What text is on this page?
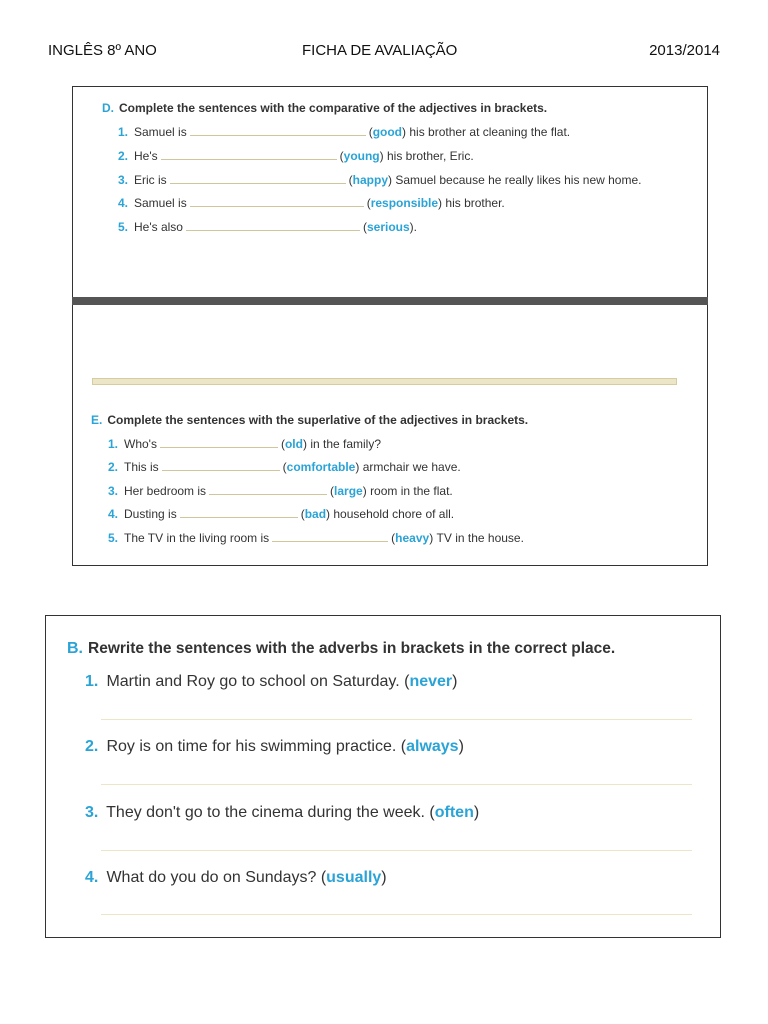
INGLÊS 8º ANO	FICHA DE AVALIAÇÃO	2013/2014
D. Complete the sentences with the comparative of the adjectives in brackets.
1. Samuel is	( good ) his brother at cleaning the flat.
2. He's	( young ) his brother, Eric.
3. Eric is	( happy ) Samuel because he really likes his new home.
4. Samuel is	( responsible ) his brother.
5. He's also	( serious ) .
E. Complete the sentences with the superlative of the adjectives in brackets.
1. Who's	( old ) in the family?
2. This is	( comfortable ) armchair we have.
3. Her bedroom is	( large ) room in the flat.
4. Dusting is	( bad ) household chore of all.
5. The TV in the living room is	( heavy ) TV in the house.
B. Rewrite the sentences with the adverbs in brackets in the correct place.
1. Martin and Roy go to school on Saturday. (never)
2. Roy is on time for his swimming practice. (always)
3. They don't go to the cinema during the week. (often)
4. What do you do on Sundays? (usually)
